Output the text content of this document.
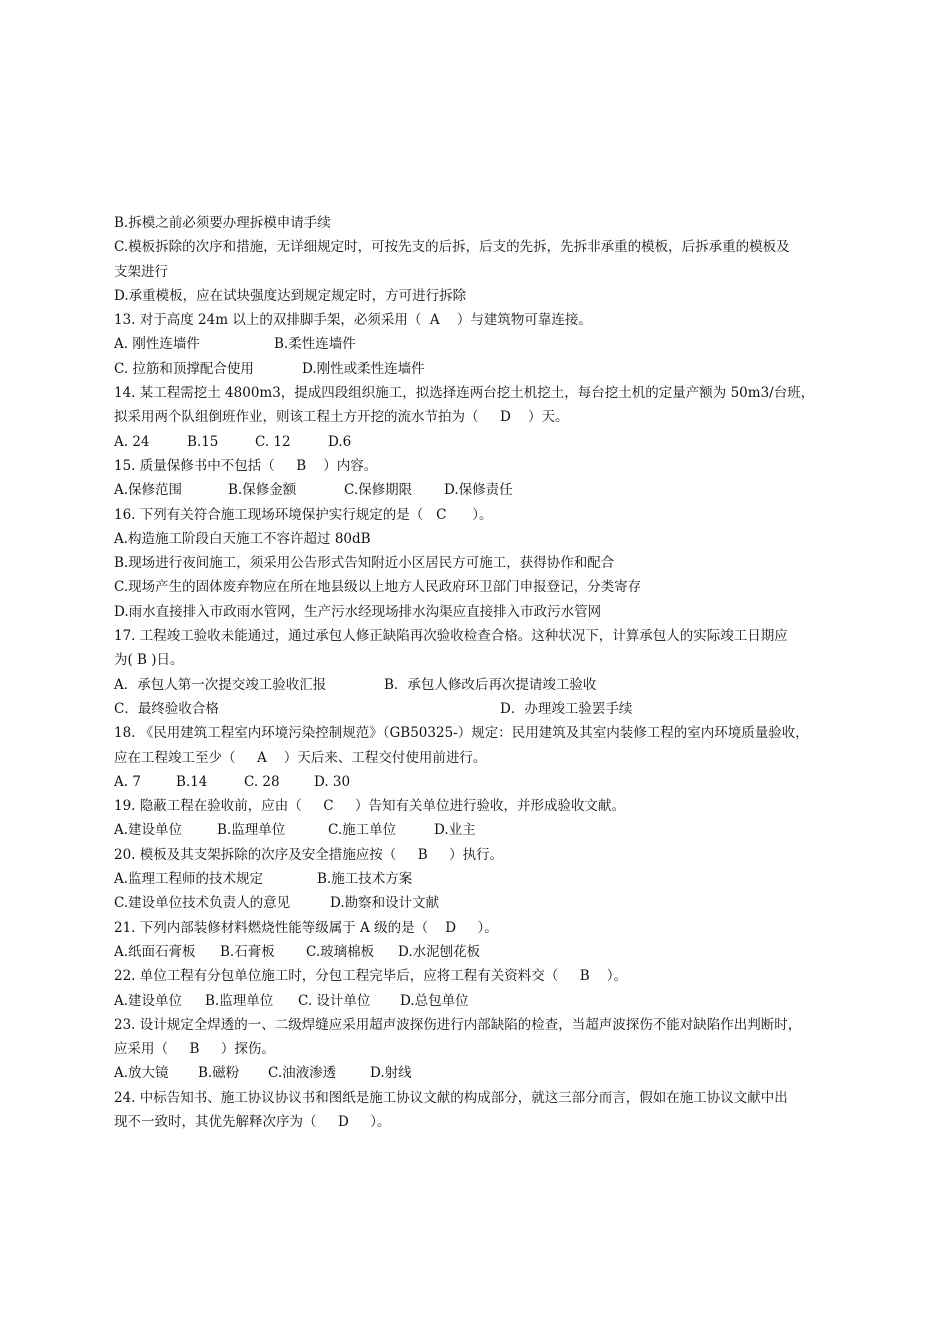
B.拆模之前必须要办理拆模申请手续
C.模板拆除的次序和措施，无详细规定时，可按先支的后拆，后支的先拆，先拆非承重的模板，后拆承重的模板及
支架进行
D.承重模板，应在试块强度达到规定规定时，方可进行拆除
13. 对于高度 24m 以上的双排脚手架，必须采用（  A    ）与建筑物可靠连接。
A. 刚性连墙件	B.柔性连墙件
C. 拉筋和顶撑配合使用	D.刚性或柔性连墙件
14. 某工程需挖土 4800m3，提成四段组织施工，拟选择连两台挖土机挖土，每台挖土机的定量产额为 50m3/台班，
拟采用两个队组倒班作业，则该工程土方开挖的流水节拍为（     D    ）天。
A. 24	B.15	C. 12	D.6
15. 质量保修书中不包括（     B    ）内容。
A.保修范围	B.保修金额	C.保修期限	D.保修责任
16. 下列有关符合施工现场环境保护实行规定的是（   C      ）。
A.构造施工阶段白天施工不容许超过 80dB
B.现场进行夜间施工，须采用公告形式告知附近小区居民方可施工，获得协作和配合
C.现场产生的固体废弃物应在所在地县级以上地方人民政府环卫部门申报登记，分类寄存
D.雨水直接排入市政雨水管网，生产污水经现场排水沟渠应直接排入市政污水管网
17. 工程竣工验收未能通过，通过承包人修正缺陷再次验收检查合格。这种状况下，计算承包人的实际竣工日期应
为( B )日。
A．承包人第一次提交竣工验收汇报	B．承包人修改后再次提请竣工验收
C．最终验收合格	D．办理竣工验罢手续
18. 《民用建筑工程室内环境污染控制规范》（GB50325-）规定：民用建筑及其室内装修工程的室内环境质量验收，
应在工程竣工至少（     A    ）天后来、工程交付使用前进行。
A. 7	B.14	C. 28	D. 30
19. 隐蔽工程在验收前，应由（     C     ）告知有关单位进行验收，并形成验收文献。
A.建设单位	B.监理单位	C.施工单位	D.业主
20. 模板及其支架拆除的次序及安全措施应按（     B     ）执行。
A.监理工程师的技术规定	B.施工技术方案
C.建设单位技术负责人的意见	D.勘察和设计文献
21. 下列内部装修材料燃烧性能等级属于 A 级的是（    D     ）。
A.纸面石膏板	B.石膏板	C.玻璃棉板	D.水泥刨花板
22. 单位工程有分包单位施工时，分包工程完毕后，应将工程有关资料交（     B    ）。
A.建设单位	B.监理单位	C. 设计单位	D.总包单位
23. 设计规定全焊透的一、二级焊缝应采用超声波探伤进行内部缺陷的检查，当超声波探伤不能对缺陷作出判断时，
应采用（     B     ）探伤。
A.放大镜	B.磁粉	C.油液渗透	D.射线
24. 中标告知书、施工协议协议书和图纸是施工协议文献的构成部分，就这三部分而言，假如在施工协议文献中出
现不一致时，其优先解释次序为（     D     ）。
